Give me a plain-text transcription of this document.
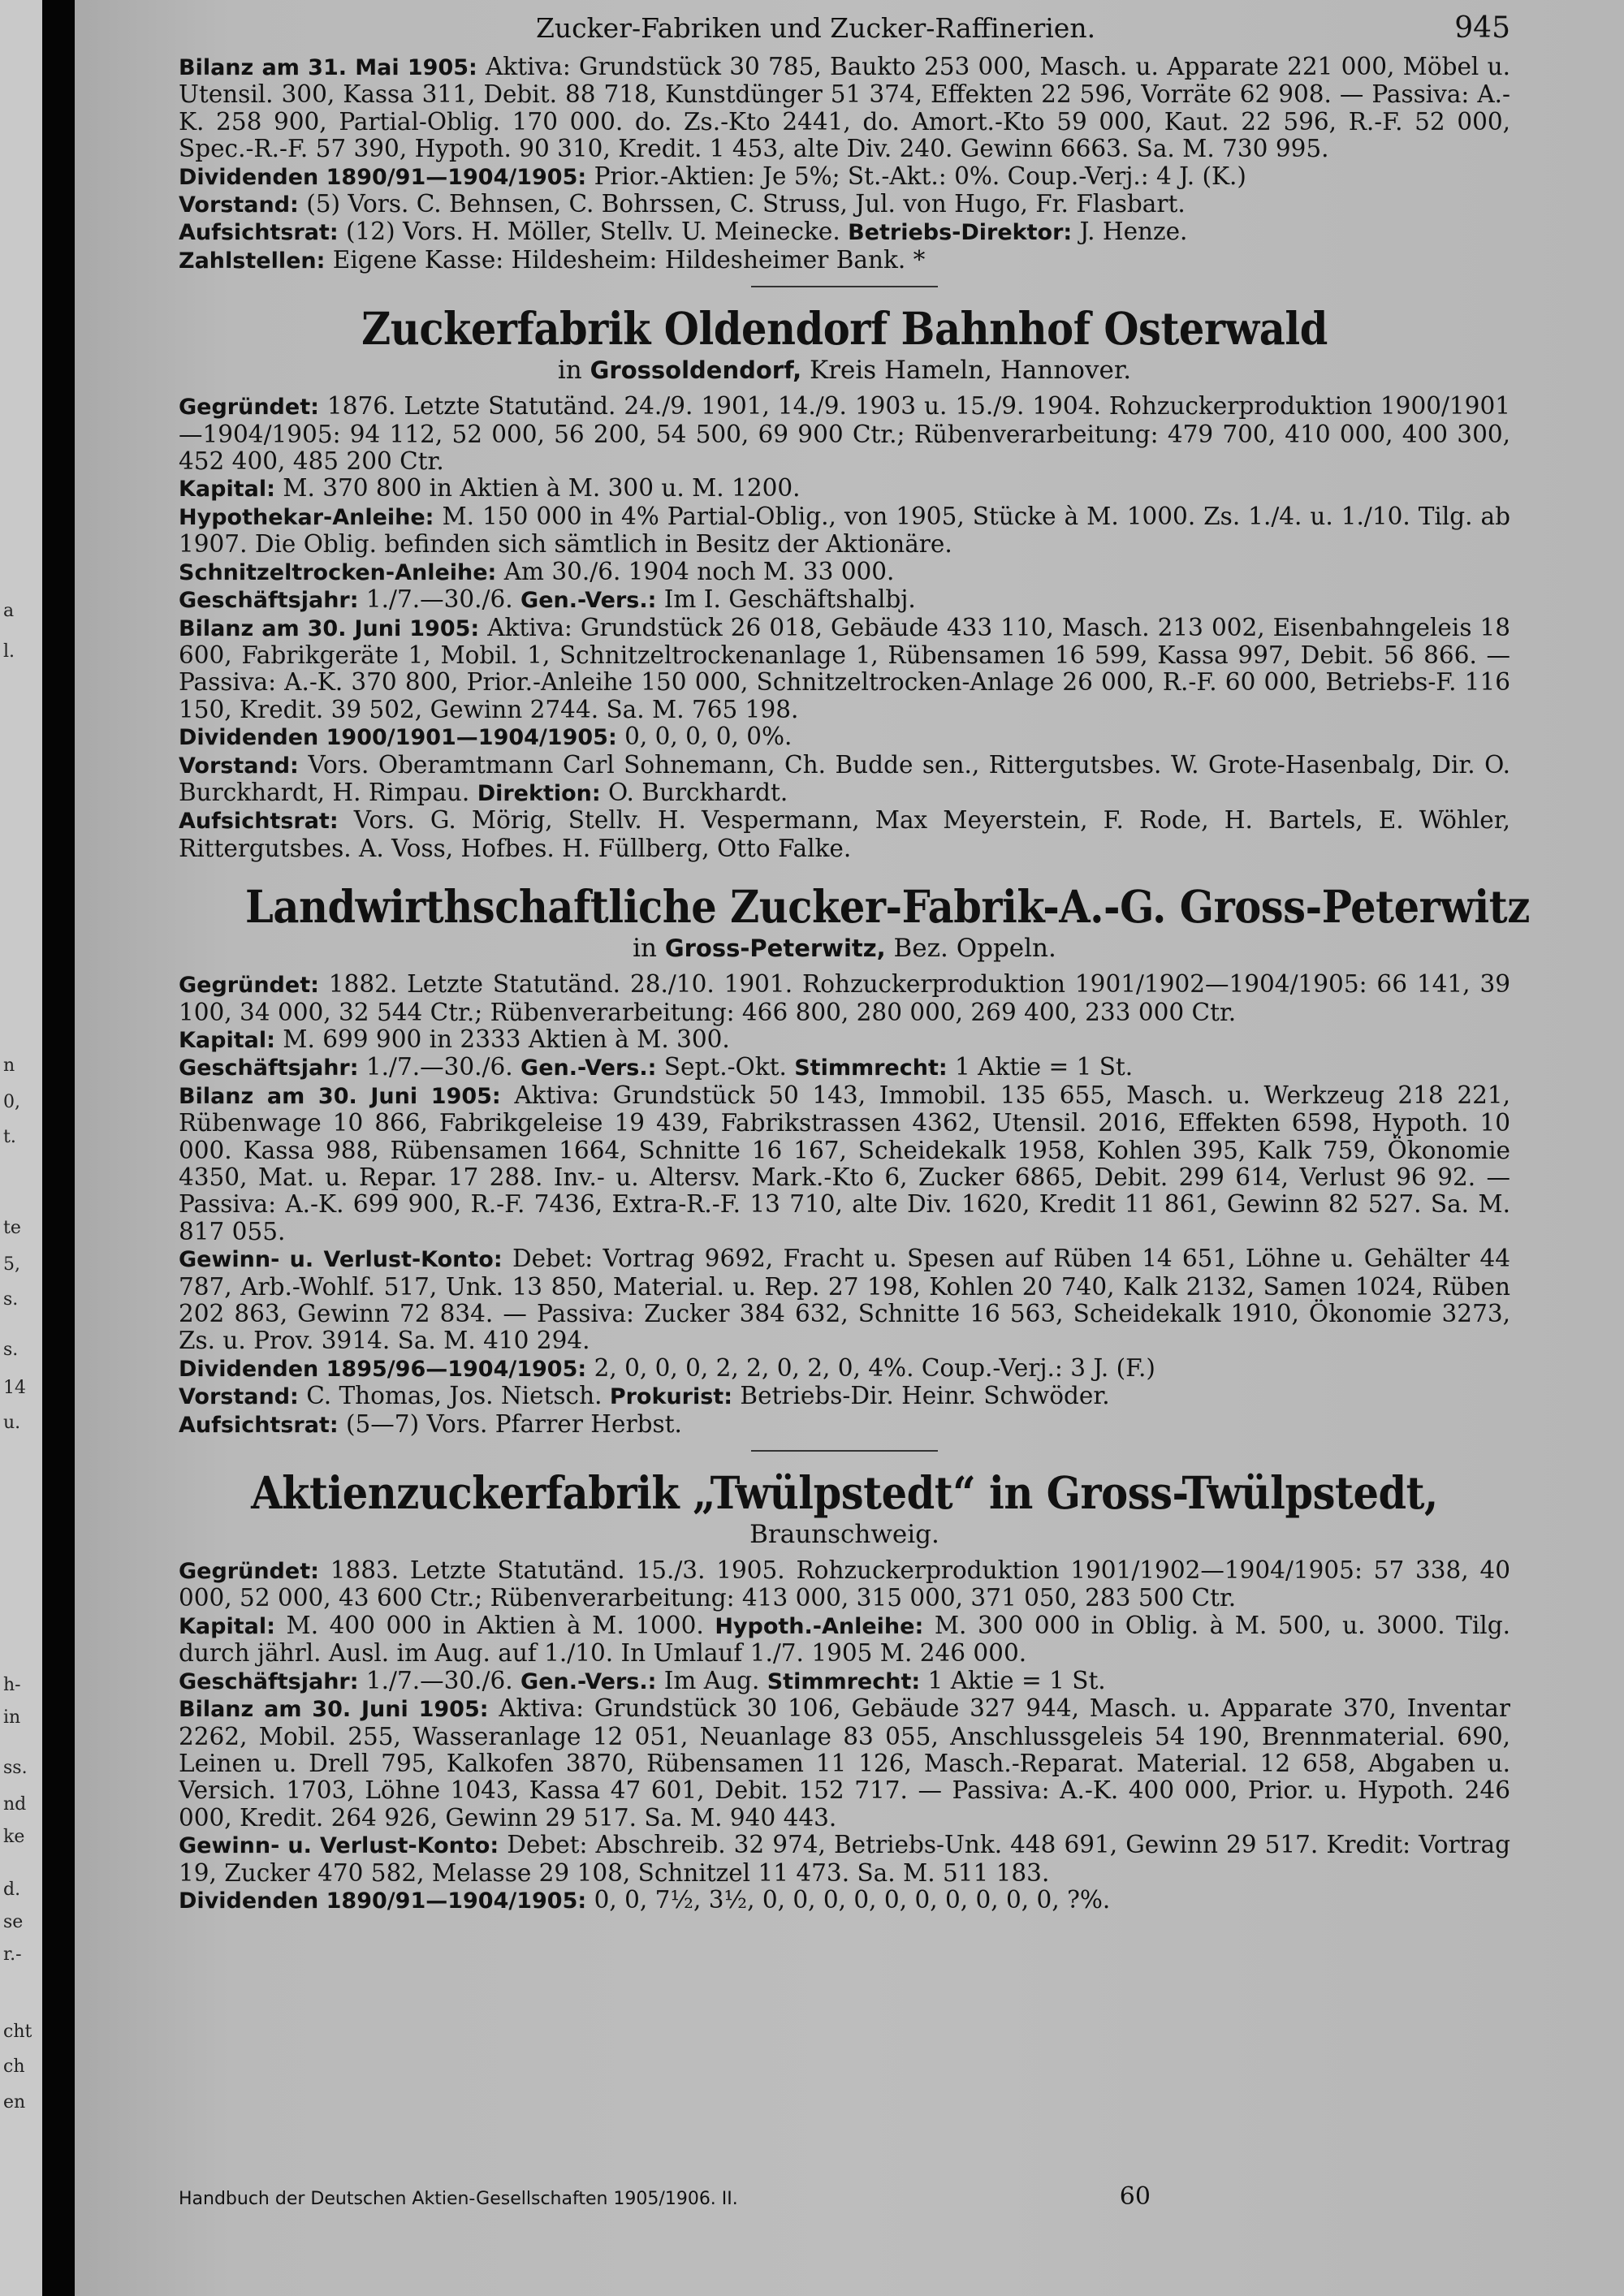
a
l.
n
0,
t.
te
5,
s.
s.
14
u.
h-
in
ss.
nd
ke
d.
se
r.-
cht
ch
en
Zucker-Fabriken und Zucker-Raffinerien.	945

Bilanz am 31. Mai 1905: Aktiva: Grundstück 30 785, Baukto 253 000, Masch. u. Apparate 221 000, Möbel u. Utensil. 300, Kassa 311, Debit. 88 718, Kunstdünger 51 374, Effekten 22 596, Vorräte 62 908. — Passiva: A.-K. 258 900, Partial-Oblig. 170 000. do. Zs.-Kto 2441, do. Amort.-Kto 59 000, Kaut. 22 596, R.-F. 52 000, Spec.-R.-F. 57 390, Hypoth. 90 310, Kredit. 1 453, alte Div. 240. Gewinn 6663. Sa. M. 730 995.

Dividenden 1890/91—1904/1905: Prior.-Aktien: Je 5%; St.-Akt.: 0%. Coup.-Verj.: 4 J. (K.)

Vorstand: (5) Vors. C. Behnsen, C. Bohrssen, C. Struss, Jul. von Hugo, Fr. Flasbart.

Aufsichtsrat: (12) Vors. H. Möller, Stellv. U. Meinecke. Betriebs-Direktor: J. Henze.

Zahlstellen: Eigene Kasse: Hildesheim: Hildesheimer Bank. *

Zuckerfabrik Oldendorf Bahnhof Osterwald

in Grossoldendorf, Kreis Hameln, Hannover.

Gegründet: 1876. Letzte Statutänd. 24./9. 1901, 14./9. 1903 u. 15./9. 1904. Rohzuckerproduktion 1900/1901—1904/1905: 94 112, 52 000, 56 200, 54 500, 69 900 Ctr.; Rübenverarbeitung: 479 700, 410 000, 400 300, 452 400, 485 200 Ctr.

Kapital: M. 370 800 in Aktien à M. 300 u. M. 1200.

Hypothekar-Anleihe: M. 150 000 in 4% Partial-Oblig., von 1905, Stücke à M. 1000. Zs. 1./4. u. 1./10. Tilg. ab 1907. Die Oblig. befinden sich sämtlich in Besitz der Aktionäre.

Schnitzeltrocken-Anleihe: Am 30./6. 1904 noch M. 33 000.

Geschäftsjahr: 1./7.—30./6. Gen.-Vers.: Im I. Geschäftshalbj.

Bilanz am 30. Juni 1905: Aktiva: Grundstück 26 018, Gebäude 433 110, Masch. 213 002, Eisenbahngeleis 18 600, Fabrikgeräte 1, Mobil. 1, Schnitzeltrockenanlage 1, Rübensamen 16 599, Kassa 997, Debit. 56 866. — Passiva: A.-K. 370 800, Prior.-Anleihe 150 000, Schnitzeltrocken-Anlage 26 000, R.-F. 60 000, Betriebs-F. 116 150, Kredit. 39 502, Gewinn 2744. Sa. M. 765 198.

Dividenden 1900/1901—1904/1905: 0, 0, 0, 0, 0%.

Vorstand: Vors. Oberamtmann Carl Sohnemann, Ch. Budde sen., Rittergutsbes. W. Grote-Hasenbalg, Dir. O. Burckhardt, H. Rimpau. Direktion: O. Burckhardt.

Aufsichtsrat: Vors. G. Mörig, Stellv. H. Vespermann, Max Meyerstein, F. Rode, H. Bartels, E. Wöhler, Rittergutsbes. A. Voss, Hofbes. H. Füllberg, Otto Falke.

Landwirthschaftliche Zucker-Fabrik-A.-G. Gross-Peterwitz

in Gross-Peterwitz, Bez. Oppeln.

Gegründet: 1882. Letzte Statutänd. 28./10. 1901. Rohzuckerproduktion 1901/1902—1904/1905: 66 141, 39 100, 34 000, 32 544 Ctr.; Rübenverarbeitung: 466 800, 280 000, 269 400, 233 000 Ctr.

Kapital: M. 699 900 in 2333 Aktien à M. 300.

Geschäftsjahr: 1./7.—30./6. Gen.-Vers.: Sept.-Okt. Stimmrecht: 1 Aktie = 1 St.

Bilanz am 30. Juni 1905: Aktiva: Grundstück 50 143, Immobil. 135 655, Masch. u. Werkzeug 218 221, Rübenwage 10 866, Fabrikgeleise 19 439, Fabrikstrassen 4362, Utensil. 2016, Effekten 6598, Hypoth. 10 000. Kassa 988, Rübensamen 1664, Schnitte 16 167, Scheidekalk 1958, Kohlen 395, Kalk 759, Ökonomie 4350, Mat. u. Repar. 17 288. Inv.- u. Altersv. Mark.-Kto 6, Zucker 6865, Debit. 299 614, Verlust 96 92. — Passiva: A.-K. 699 900, R.-F. 7436, Extra-R.-F. 13 710, alte Div. 1620, Kredit 11 861, Gewinn 82 527. Sa. M. 817 055.

Gewinn- u. Verlust-Konto: Debet: Vortrag 9692, Fracht u. Spesen auf Rüben 14 651, Löhne u. Gehälter 44 787, Arb.-Wohlf. 517, Unk. 13 850, Material. u. Rep. 27 198, Kohlen 20 740, Kalk 2132, Samen 1024, Rüben 202 863, Gewinn 72 834. — Passiva: Zucker 384 632, Schnitte 16 563, Scheidekalk 1910, Ökonomie 3273, Zs. u. Prov. 3914. Sa. M. 410 294.

Dividenden 1895/96—1904/1905: 2, 0, 0, 0, 2, 2, 0, 2, 0, 4%. Coup.-Verj.: 3 J. (F.)

Vorstand: C. Thomas, Jos. Nietsch. Prokurist: Betriebs-Dir. Heinr. Schwöder.

Aufsichtsrat: (5—7) Vors. Pfarrer Herbst.

Aktienzuckerfabrik „Twülpstedt“ in Gross-Twülpstedt,

Braunschweig.

Gegründet: 1883. Letzte Statutänd. 15./3. 1905. Rohzuckerproduktion 1901/1902—1904/1905: 57 338, 40 000, 52 000, 43 600 Ctr.; Rübenverarbeitung: 413 000, 315 000, 371 050, 283 500 Ctr.

Kapital: M. 400 000 in Aktien à M. 1000. Hypoth.-Anleihe: M. 300 000 in Oblig. à M. 500, u. 3000. Tilg. durch jährl. Ausl. im Aug. auf 1./10. In Umlauf 1./7. 1905 M. 246 000.

Geschäftsjahr: 1./7.—30./6. Gen.-Vers.: Im Aug. Stimmrecht: 1 Aktie = 1 St.

Bilanz am 30. Juni 1905: Aktiva: Grundstück 30 106, Gebäude 327 944, Masch. u. Apparate 370, Inventar 2262, Mobil. 255, Wasseranlage 12 051, Neuanlage 83 055, Anschlussgeleis 54 190, Brennmaterial. 690, Leinen u. Drell 795, Kalkofen 3870, Rübensamen 11 126, Masch.-Reparat. Material. 12 658, Abgaben u. Versich. 1703, Löhne 1043, Kassa 47 601, Debit. 152 717. — Passiva: A.-K. 400 000, Prior. u. Hypoth. 246 000, Kredit. 264 926, Gewinn 29 517. Sa. M. 940 443.

Gewinn- u. Verlust-Konto: Debet: Abschreib. 32 974, Betriebs-Unk. 448 691, Gewinn 29 517. Kredit: Vortrag 19, Zucker 470 582, Melasse 29 108, Schnitzel 11 473. Sa. M. 511 183.

Dividenden 1890/91—1904/1905: 0, 0, 7½, 3½, 0, 0, 0, 0, 0, 0, 0, 0, 0, 0, ?%.

Handbuch der Deutschen Aktien-Gesellschaften 1905/1906. II.	60
